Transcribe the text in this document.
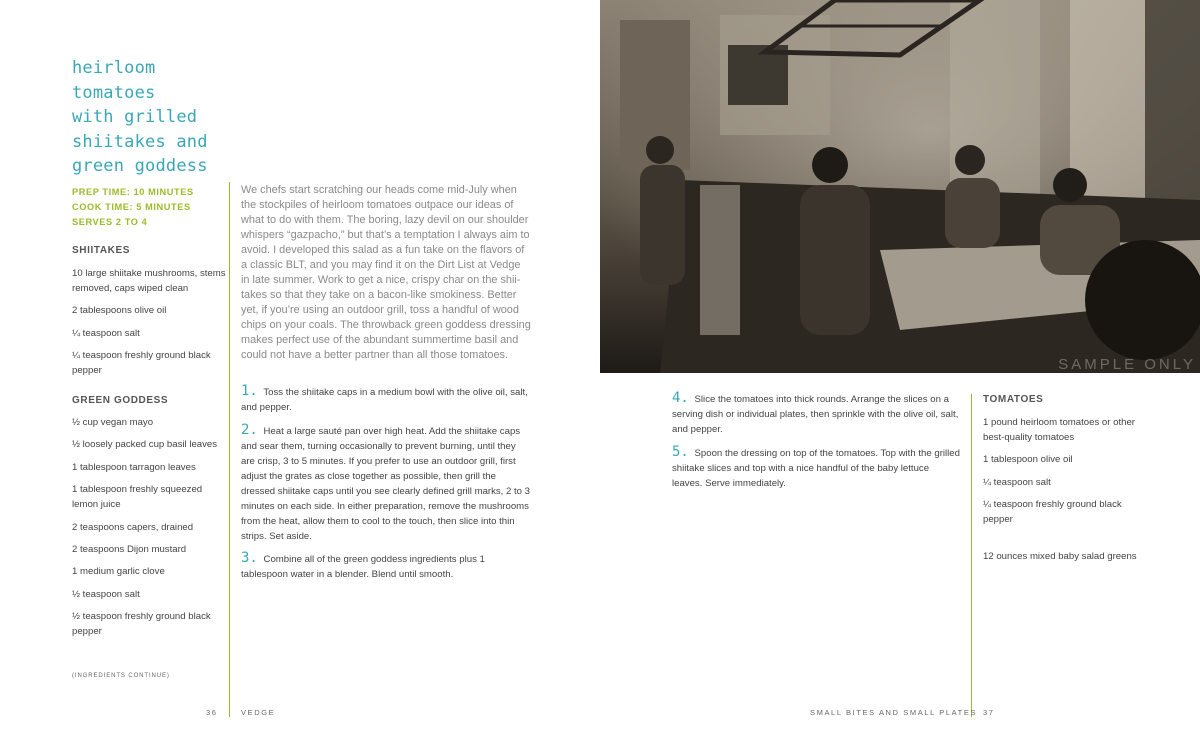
heirloom
tomatoes
with grilled
shiitakes and
green goddess
PREP TIME: 10 MINUTES
COOK TIME: 5 MINUTES
SERVES 2 TO 4
SHIITAKES
10 large shiitake mushrooms, stems removed, caps wiped clean
2 tablespoons olive oil
¼ teaspoon salt
¼ teaspoon freshly ground black pepper
GREEN GODDESS
½ cup vegan mayo
½ loosely packed cup basil leaves
1 tablespoon tarragon leaves
1 tablespoon freshly squeezed lemon juice
2 teaspoons capers, drained
2 teaspoons Dijon mustard
1 medium garlic clove
½ teaspoon salt
½ teaspoon freshly ground black pepper
(INGREDIENTS CONTINUE)
We chefs start scratching our heads come mid-July when the stockpiles of heirloom tomatoes outpace our ideas of what to do with them. The boring, lazy devil on our shoulder whispers “gazpacho,” but that’s a temptation I always aim to avoid. I developed this salad as a fun take on the flavors of a classic BLT, and you may find it on the Dirt List at Vedge in late summer. Work to get a nice, crispy char on the shii-takes so that they take on a bacon-like smokiness. Better yet, if you’re using an outdoor grill, toss a handful of wood chips on your coals. The throwback green goddess dressing makes perfect use of the abundant summertime basil and could not have a better partner than all those tomatoes.
1. Toss the shiitake caps in a medium bowl with the olive oil, salt, and pepper.
2. Heat a large sauté pan over high heat. Add the shiitake caps and sear them, turning occasionally to prevent burning, until they are crisp, 3 to 5 minutes. If you prefer to use an outdoor grill, first adjust the grates as close together as possible, then grill the dressed shiitake caps until you see clearly defined grill marks, 2 to 3 minutes on each side. In either preparation, remove the mushrooms from the heat, allow them to cool to the touch, then slice into thin strips. Set aside.
3. Combine all of the green goddess ingredients plus 1 tablespoon water in a blender. Blend until smooth.
36	VEDGE
SAMPLE ONLY
4. Slice the tomatoes into thick rounds. Arrange the slices on a serving dish or individual plates, then sprinkle with the olive oil, salt, and pepper.
5. Spoon the dressing on top of the tomatoes. Top with the grilled shiitake slices and top with a nice handful of the baby lettuce leaves. Serve immediately.
TOMATOES
1 pound heirloom tomatoes or other best-quality tomatoes
1 tablespoon olive oil
¼ teaspoon salt
¼ teaspoon freshly ground black pepper
12 ounces mixed baby salad greens
SMALL BITES AND SMALL PLATES 37
